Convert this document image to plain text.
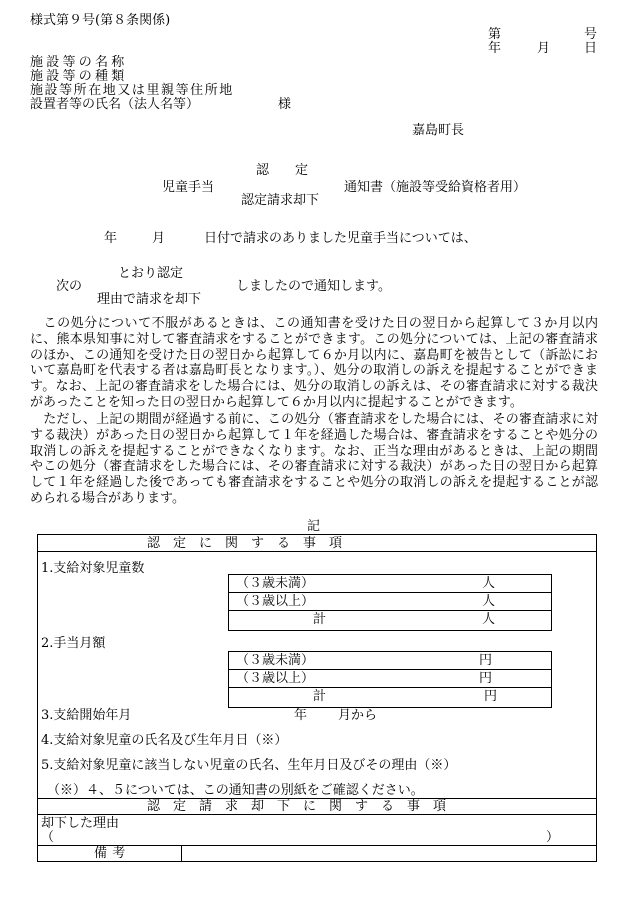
様式第９号(第８条関係)
第	号
年	月	日
施設等の名称
施設等の種類
施設等所在地又は里親等住所地
設置者等の氏名（法人名等）	様
嘉島町長
認　　定
児童手当	通知書（施設等受給資格者用）
認定請求却下
年	月	日付で請求のありました児童手当については、
とおり認定
次の	しましたので通知します。
理由で請求を却下
この処分について不服があるときは、この通知書を受けた日の翌日から起算して３か月以内に、熊本県知事に対して審査請求をすることができます。この処分については、上記の審査請求のほか、この通知を受けた日の翌日から起算して６か月以内に、嘉島町を被告として（訴訟において嘉島町を代表する者は嘉島町長となります。）、処分の取消しの訴えを提起することができます。なお、上記の審査請求をした場合には、処分の取消しの訴えは、その審査請求に対する裁決があったことを知った日の翌日から起算して６か月以内に提起することができます。
ただし、上記の期間が経過する前に、この処分（審査請求をした場合には、その審査請求に対する裁決）があった日の翌日から起算して１年を経過した場合は、審査請求をすることや処分の取消しの訴えを提起することができなくなります。なお、正当な理由があるときは、上記の期間やこの処分（審査請求をした場合には、その審査請求に対する裁決）があった日の翌日から起算して１年を経過した後であっても審査請求をすることや処分の取消しの訴えを提起することが認められる場合があります。
記
認　定　に　関　す　る　事　項
1.支給対象児童数
（３歳未満）	人
（３歳以上）	人
計	人
2.手当月額
（３歳未満）	円
（３歳以上）	円
計	円
3.支給開始年月	年 月から
4.支給対象児童の氏名及び生年月日（※）
5.支給対象児童に該当しない児童の氏名、生年月日及びその理由（※）
（※）４、５については、この通知書の別紙をご確認ください。
認　定　請　求　却　下　に　関　す　る　事　項
却下した理由
（	）
備考
